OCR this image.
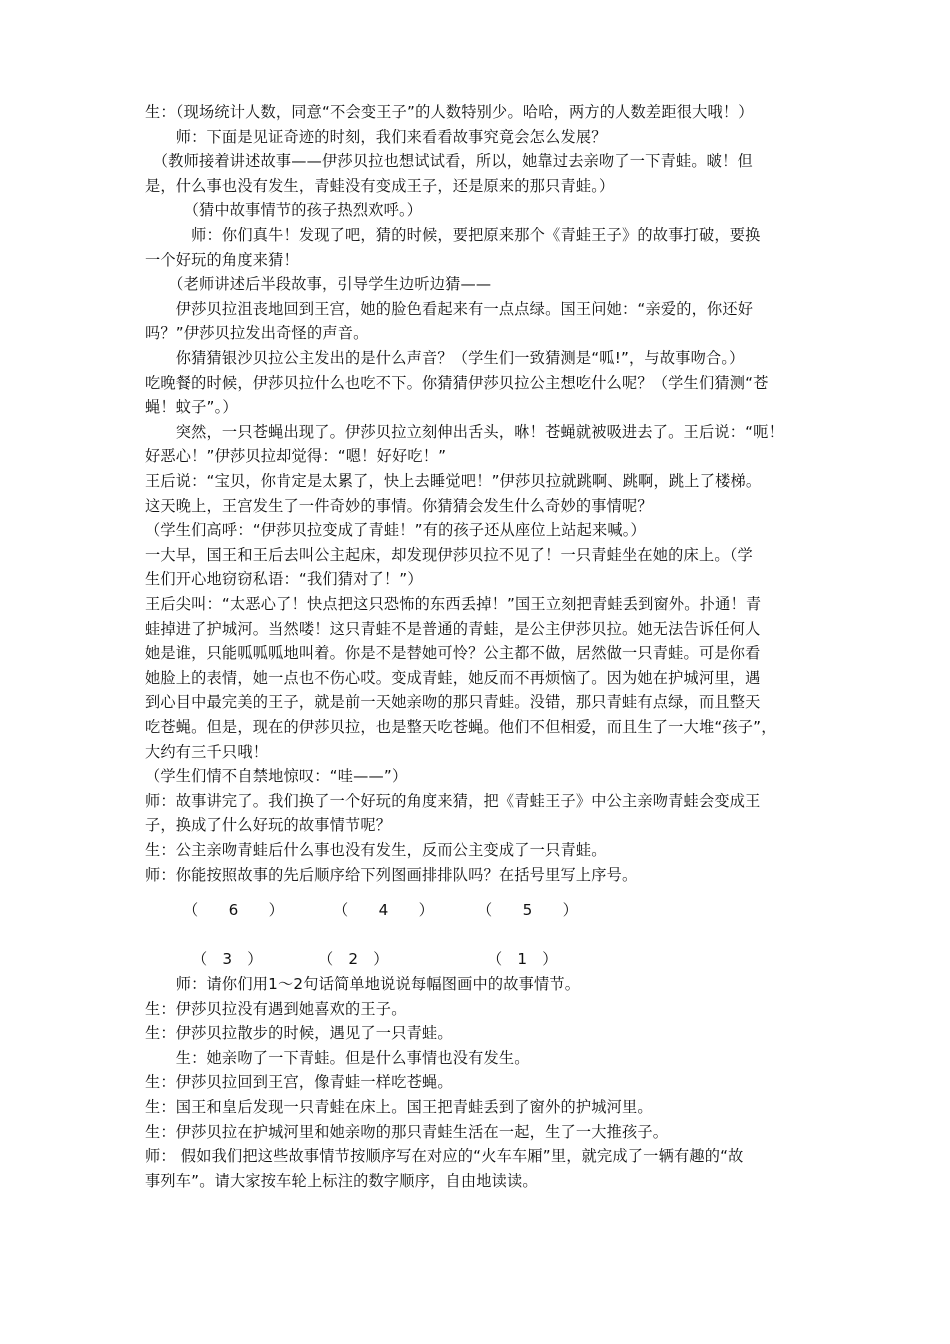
生：（现场统计人数，同意“不会变王子”的人数特别少。哈哈，两方的人数差距很大哦！）
　　师：下面是见证奇迹的时刻，我们来看看故事究竟会怎么发展？
　（教师接着讲述故事——伊莎贝拉也想试试看，所以，她靠过去亲吻了一下青蛙。啵！但
是，什么事也没有发生，青蛙没有变成王子，还是原来的那只青蛙。）
　　　（猜中故事情节的孩子热烈欢呼。）
　　　师：你们真牛！发现了吧，猜的时候，要把原来那个《青蛙王子》的故事打破，要换
一个好玩的角度来猜！
　　（老师讲述后半段故事，引导学生边听边猜——
　　伊莎贝拉沮丧地回到王宫，她的脸色看起来有一点点绿。国王问她：“亲爱的，你还好
吗？”伊莎贝拉发出奇怪的声音。
　　你猜猜银沙贝拉公主发出的是什么声音？（学生们一致猜测是“呱!”，与故事吻合。）
吃晚餐的时候，伊莎贝拉什么也吃不下。你猜猜伊莎贝拉公主想吃什么呢？（学生们猜测“苍
蝇！蚊子”。）
　　突然，一只苍蝇出现了。伊莎贝拉立刻伸出舌头，咻！苍蝇就被吸进去了。王后说：“呃！
好恶心！”伊莎贝拉却觉得：“嗯！好好吃！”
王后说：“宝贝，你肯定是太累了，快上去睡觉吧！”伊莎贝拉就跳啊、跳啊，跳上了楼梯。
这天晚上，王宫发生了一件奇妙的事情。你猜猜会发生什么奇妙的事情呢？
（学生们高呼：“伊莎贝拉变成了青蛙！”有的孩子还从座位上站起来喊。）
一大早，国王和王后去叫公主起床，却发现伊莎贝拉不见了！一只青蛙坐在她的床上。（学
生们开心地窃窃私语：“我们猜对了！”）
王后尖叫：“太恶心了！快点把这只恐怖的东西丢掉！”国王立刻把青蛙丢到窗外。扑通！青
蛙掉进了护城河。当然喽！这只青蛙不是普通的青蛙，是公主伊莎贝拉。她无法告诉任何人
她是谁，只能呱呱呱地叫着。你是不是替她可怜？公主都不做，居然做一只青蛙。可是你看
她脸上的表情，她一点也不伤心哎。变成青蛙，她反而不再烦恼了。因为她在护城河里，遇
到心目中最完美的王子，就是前一天她亲吻的那只青蛙。没错，那只青蛙有点绿，而且整天
吃苍蝇。但是，现在的伊莎贝拉，也是整天吃苍蝇。他们不但相爱，而且生了一大堆“孩子”，
大约有三千只哦！
（学生们情不自禁地惊叹：“哇——”）
师：故事讲完了。我们换了一个好玩的角度来猜，把《青蛙王子》中公主亲吻青蛙会变成王
子，换成了什么好玩的故事情节呢？
生：公主亲吻青蛙后什么事也没有发生，反而公主变成了一只青蛙。
师：你能按照故事的先后顺序给下列图画排排队吗？在括号里写上序号。
（　　6　　）	（　　4　　）	（　　5　　）
（　3　）	（　2　）	（　1　）
　　师：请你们用1～2句话简单地说说每幅图画中的故事情节。
生：伊莎贝拉没有遇到她喜欢的王子。
生：伊莎贝拉散步的时候，遇见了一只青蛙。
　　生：她亲吻了一下青蛙。但是什么事情也没有发生。
生：伊莎贝拉回到王宫，像青蛙一样吃苍蝇。
生：国王和皇后发现一只青蛙在床上。国王把青蛙丢到了窗外的护城河里。
生：伊莎贝拉在护城河里和她亲吻的那只青蛙生活在一起，生了一大推孩子。
师： 假如我们把这些故事情节按顺序写在对应的“火车车厢”里，就完成了一辆有趣的“故
事列车”。请大家按车轮上标注的数字顺序，自由地读读。
